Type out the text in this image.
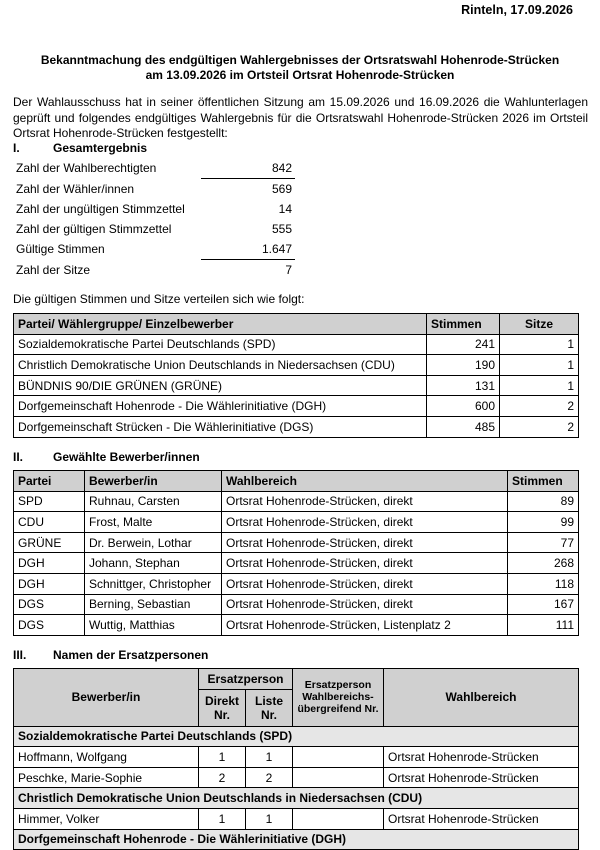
Rinteln, 17.09.2026
Bekanntmachung des endgültigen Wahlergebnisses der Ortsratswahl Hohenrode-Strücken
am 13.09.2026 im Ortsteil Ortsrat Hohenrode-Strücken
Der Wahlausschuss hat in seiner öffentlichen Sitzung am 15.09.2026 und 16.09.2026 die Wahlunterlagen geprüft und folgendes endgültiges Wahlergebnis für die Ortsratswahl Hohenrode-Strücken 2026 im Ortsteil Ortsrat Hohenrode-Strücken festgestellt:
I.	Gesamtergebnis
Zahl der Wahlberechtigten	842
Zahl der Wähler/innen	569
Zahl der ungültigen Stimmzettel	14
Zahl der gültigen Stimmzettel	555
Gültige Stimmen	1.647
Zahl der Sitze	7
Die gültigen Stimmen und Sitze verteilen sich wie folgt:
Partei/ Wählergruppe/ Einzelbewerber	Stimmen	Sitze
Sozialdemokratische Partei Deutschlands (SPD)	241	1
Christlich Demokratische Union Deutschlands in Niedersachsen (CDU)	190	1
BÜNDNIS 90/DIE GRÜNEN (GRÜNE)	131	1
Dorfgemeinschaft Hohenrode - Die Wählerinitiative (DGH)	600	2
Dorfgemeinschaft Strücken - Die Wählerinitiative (DGS)	485	2
II. Gewählte Bewerber/innen
Partei	Bewerber/in	Wahlbereich	Stimmen
SPD	Ruhnau, Carsten	Ortsrat Hohenrode-Strücken, direkt	89
CDU	Frost, Malte	Ortsrat Hohenrode-Strücken, direkt	99
GRÜNE	Dr. Berwein, Lothar	Ortsrat Hohenrode-Strücken, direkt	77
DGH	Johann, Stephan	Ortsrat Hohenrode-Strücken, direkt	268
DGH	Schnittger, Christopher	Ortsrat Hohenrode-Strücken, direkt	118
DGS	Berning, Sebastian	Ortsrat Hohenrode-Strücken, direkt	167
DGS	Wuttig, Matthias	Ortsrat Hohenrode-Strücken, Listenplatz 2	111
III. Namen der Ersatzpersonen
Bewerber/in	Ersatzperson		Ersatzperson Wahlbereichs-übergreifend Nr.	Wahlbereich
	Direkt Nr.	Liste Nr.		
Sozialdemokratische Partei Deutschlands (SPD)				
Hoffmann, Wolfgang	1	1		Ortsrat Hohenrode-Strücken
Peschke, Marie-Sophie	2	2		Ortsrat Hohenrode-Strücken
Christlich Demokratische Union Deutschlands in Niedersachsen (CDU)				
Himmer, Volker	1	1		Ortsrat Hohenrode-Strücken
Dorfgemeinschaft Hohenrode - Die Wählerinitiative (DGH)				
